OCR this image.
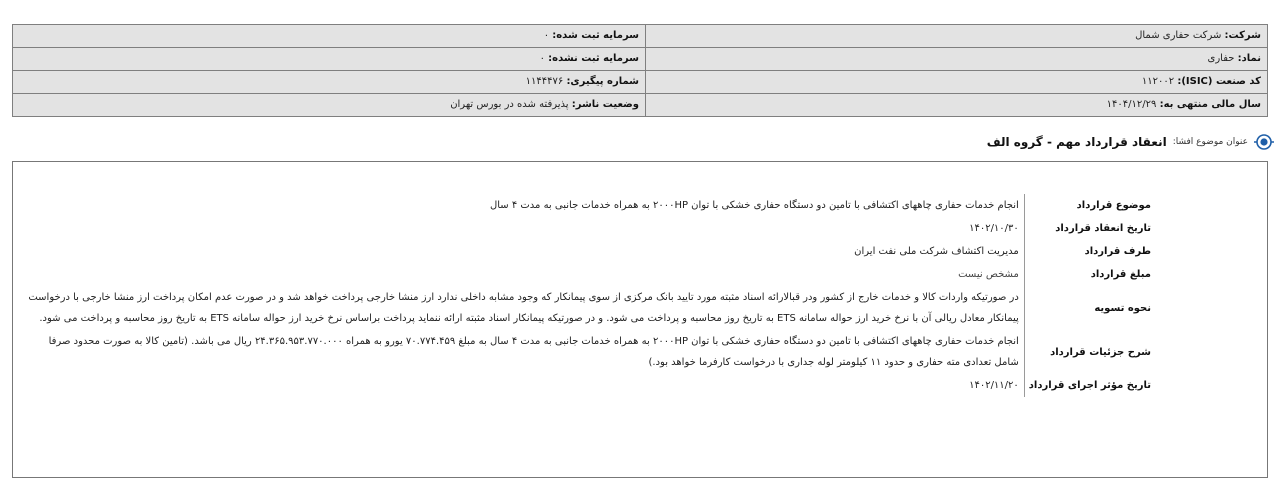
شرکت: شرکت حفاری شمال	سرمایه ثبت شده: ۰
نماد: حفاری	سرمایه ثبت نشده: ۰
کد صنعت (ISIC): ۱۱۲۰۰۲	شماره پیگیری: ۱۱۴۴۴۷۶
سال مالی منتهی به: ۱۴۰۴/۱۲/۲۹	وضعیت ناشر: پذیرفته شده در بورس تهران
عنوان موضوع افشا:
انعقاد قرارداد مهم - گروه الف
موضوع قرارداد	انجام خدمات حفاری چاههای اکتشافی با تامین دو دستگاه حفاری خشکی با توان ۲۰۰۰HP به همراه خدمات جانبی به مدت ۴ سال
تاریخ انعقاد قرارداد	۱۴۰۲/۱۰/۳۰
طرف قرارداد	مدیریت اکتشاف شرکت ملی نفت ایران
مبلغ قرارداد	مشخص نیست
نحوه تسویه	در صورتیکه واردات کالا و خدمات خارج از کشور ودر قبالارائه اسناد مثبته مورد تایید بانک مرکزی از سوی پیمانکار که وجود مشابه داخلی ندارد ارز منشا خارجی پرداخت خواهد شد و در صورت عدم امکان پرداخت ارز منشا خارجی با درخواست پیمانکار معادل ریالی آن با نرخ خرید ارز حواله سامانه ETS به تاریخ روز محاسبه و پرداخت می شود. و در صورتیکه پیمانکار اسناد مثبته ارائه ننماید پرداخت براساس نرخ خرید ارز حواله سامانه ETS به تاریخ روز محاسبه و پرداخت می شود.
شرح جزئیات قرارداد	انجام خدمات حفاری چاههای اکتشافی با تامین دو دستگاه حفاری خشکی با توان ۲۰۰۰HP به همراه خدمات جانبی به مدت ۴ سال به مبلغ ۷۰.۷۷۴.۴۵۹ یورو به همراه ۲۴.۳۶۵.۹۵۳.۷۷۰.۰۰۰ ریال می باشد. (تامین کالا به صورت محدود صرفا شامل تعدادی مته حفاری و حدود ۱۱ کیلومتر لوله جداری با درخواست کارفرما خواهد بود.)
تاریخ مؤثر اجرای قرارداد	۱۴۰۲/۱۱/۲۰
